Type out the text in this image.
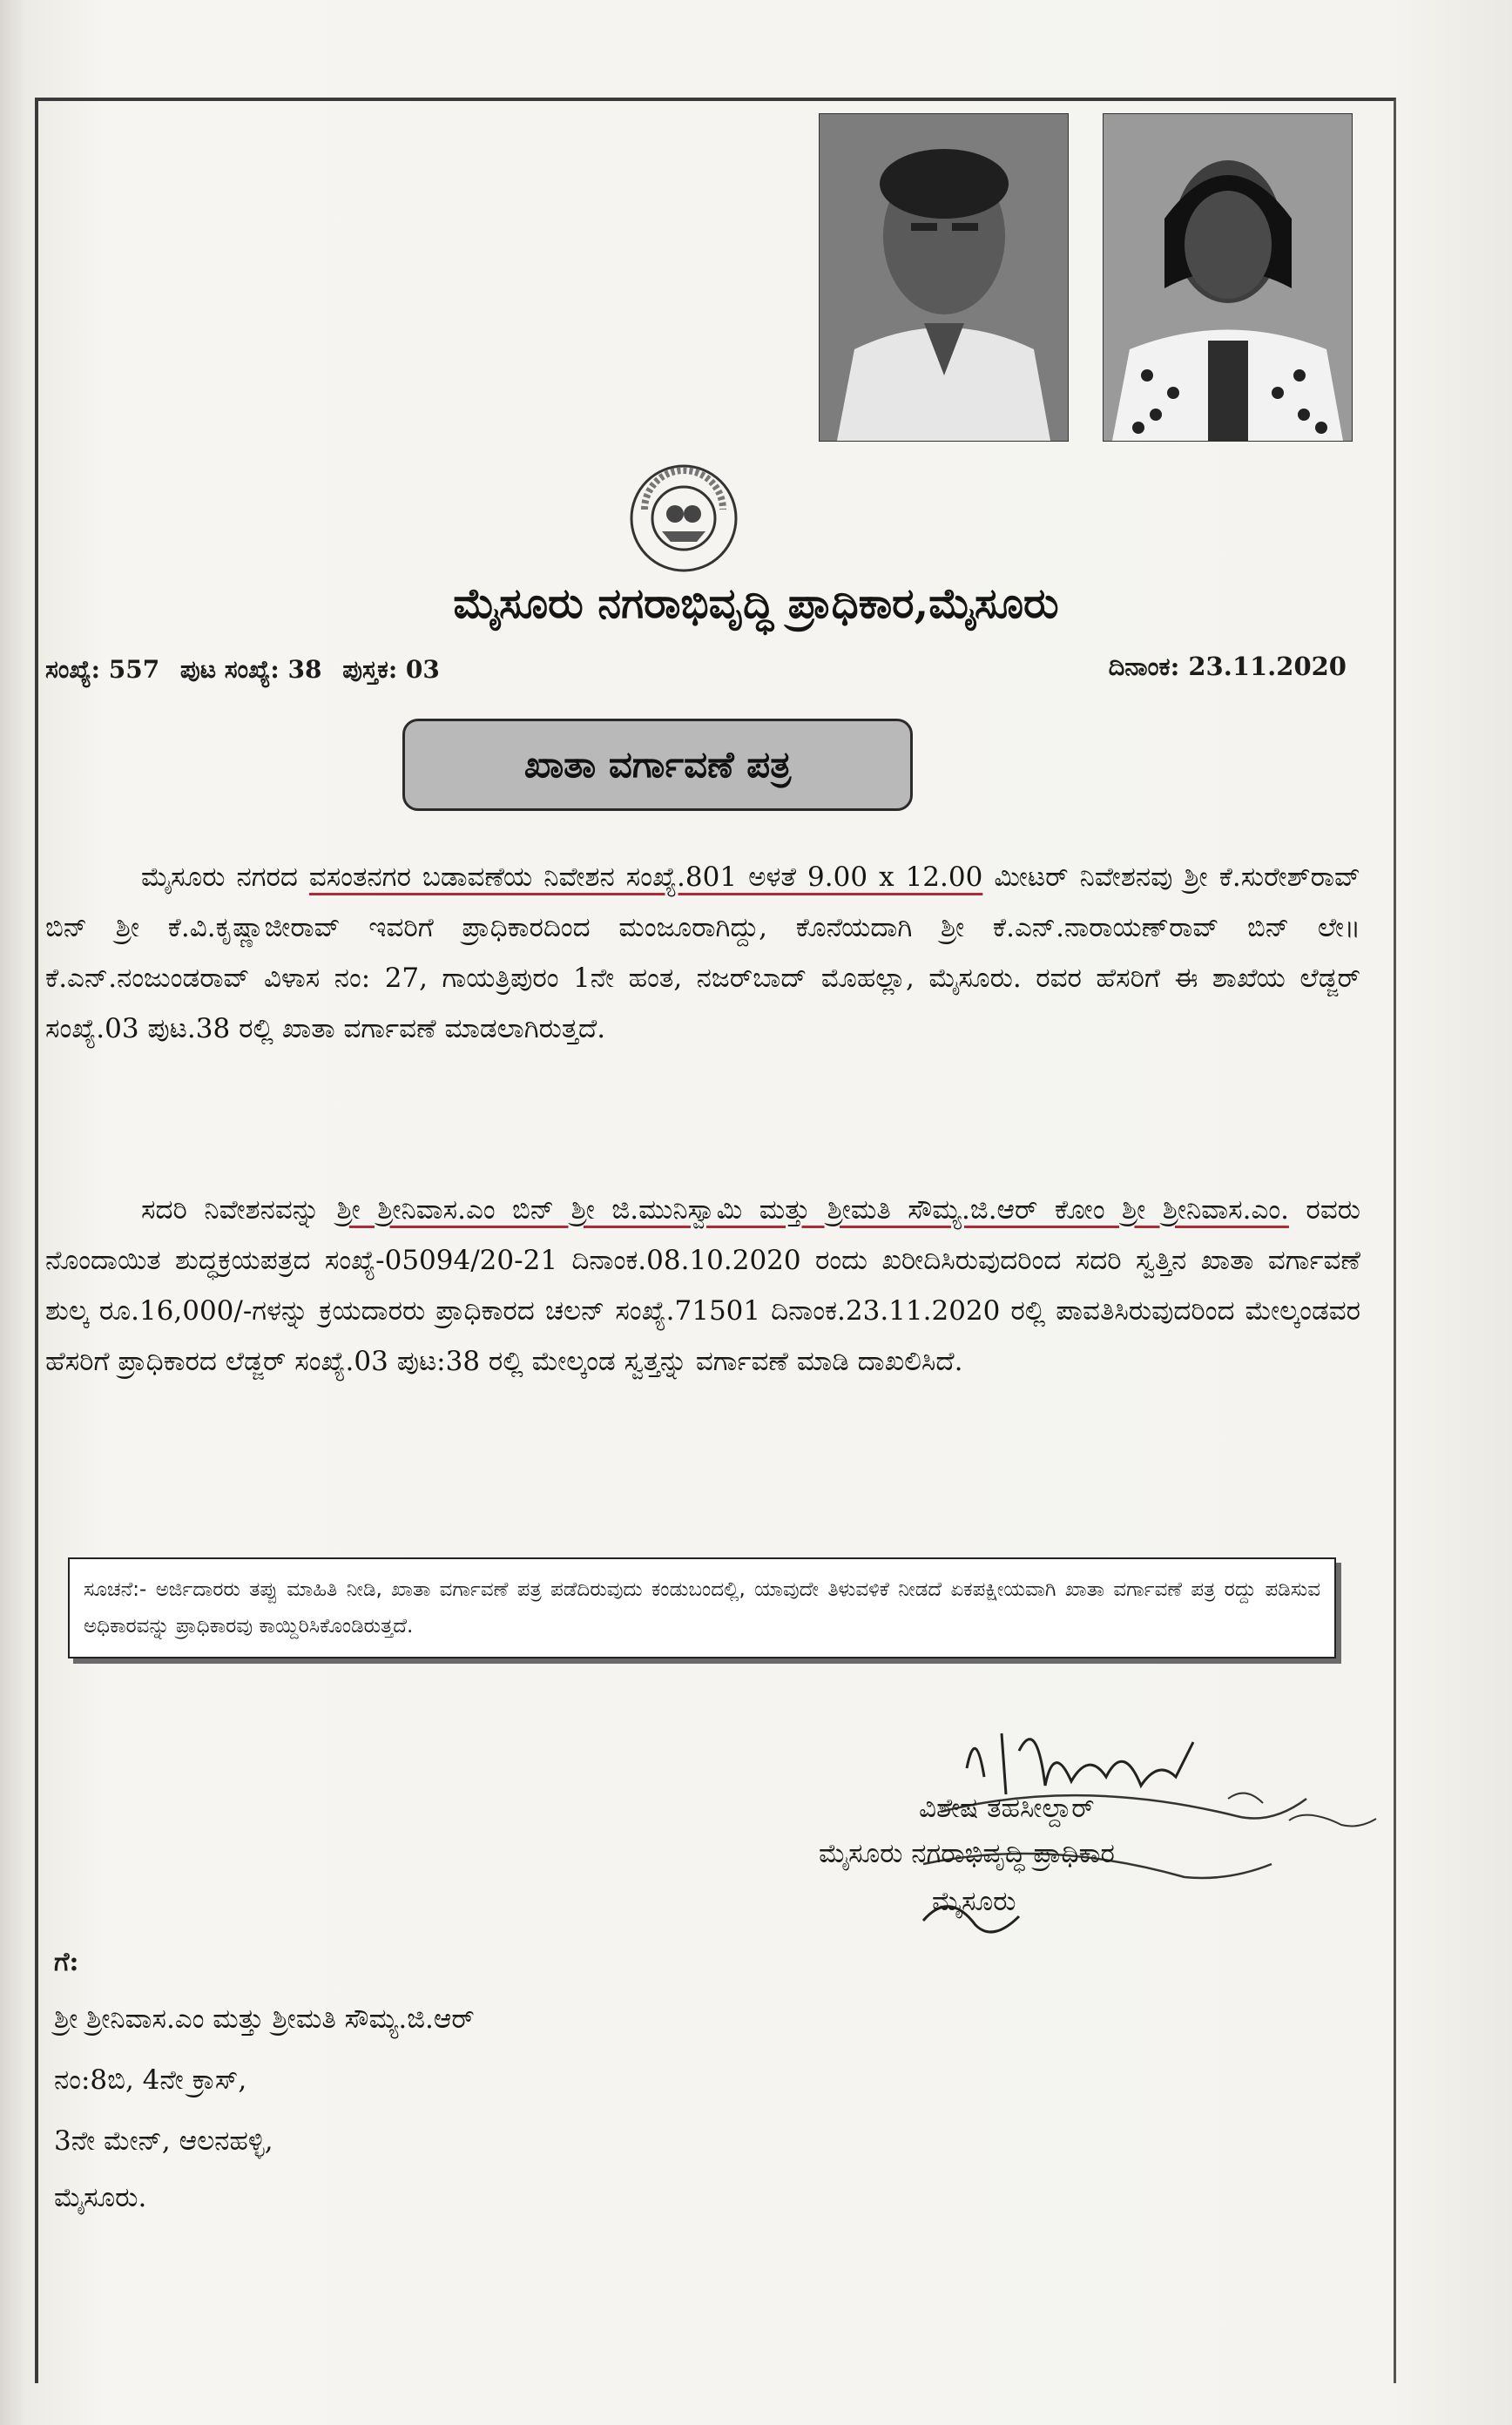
ಮೈಸೂರು ನಗರಾಭಿವೃದ್ಧಿ ಪ್ರಾಧಿಕಾರ,ಮೈಸೂರು
ಸಂಖ್ಯೆ: 557 ಪುಟ ಸಂಖ್ಯೆ: 38 ಪುಸ್ತಕ: 03	ದಿನಾಂಕ: 23.11.2020
ಖಾತಾ ವರ್ಗಾವಣೆ ಪತ್ರ
ಮೈಸೂರು ನಗರದ ವಸಂತನಗರ ಬಡಾವಣೆಯ ನಿವೇಶನ ಸಂಖ್ಯೆ.801 ಅಳತೆ 9.00 x 12.00 ಮೀಟರ್ ನಿವೇಶನವು ಶ್ರೀ ಕೆ.ಸುರೇಶ್‌ರಾವ್ ಬಿನ್ ಶ್ರೀ ಕೆ.ವಿ.ಕೃಷ್ಣಾಜೀರಾವ್ ಇವರಿಗೆ ಪ್ರಾಧಿಕಾರದಿಂದ ಮಂಜೂರಾಗಿದ್ದು, ಕೊನೆಯದಾಗಿ ಶ್ರೀ ಕೆ.ಎನ್.ನಾರಾಯಣ್‌ರಾವ್ ಬಿನ್ ಲೇ॥ ಕೆ.ಎನ್.ನಂಜುಂಡರಾವ್ ವಿಳಾಸ ನಂ: 27, ಗಾಯತ್ರಿಪುರಂ 1ನೇ ಹಂತ, ನಜರ್‌ಬಾದ್ ಮೊಹಲ್ಲಾ, ಮೈಸೂರು. ರವರ ಹೆಸರಿಗೆ ಈ ಶಾಖೆಯ ಲೆಡ್ಜರ್ ಸಂಖ್ಯೆ.03 ಪುಟ.38 ರಲ್ಲಿ ಖಾತಾ ವರ್ಗಾವಣೆ ಮಾಡಲಾಗಿರುತ್ತದೆ.
ಸದರಿ ನಿವೇಶನವನ್ನು ಶ್ರೀ ಶ್ರೀನಿವಾಸ.ಎಂ ಬಿನ್ ಶ್ರೀ ಜಿ.ಮುನಿಸ್ವಾಮಿ ಮತ್ತು ಶ್ರೀಮತಿ ಸೌಮ್ಯ.ಜಿ.ಆರ್ ಕೋಂ ಶ್ರೀ ಶ್ರೀನಿವಾಸ.ಎಂ. ರವರು ನೊಂದಾಯಿತ ಶುದ್ಧಕ್ರಯಪತ್ರದ ಸಂಖ್ಯೆ-05094/20-21 ದಿನಾಂಕ.08.10.2020 ರಂದು ಖರೀದಿಸಿರುವುದರಿಂದ ಸದರಿ ಸ್ವತ್ತಿನ ಖಾತಾ ವರ್ಗಾವಣೆ ಶುಲ್ಕ ರೂ.16,000/-ಗಳನ್ನು ಕ್ರಯದಾರರು ಪ್ರಾಧಿಕಾರದ ಚಲನ್ ಸಂಖ್ಯೆ.71501 ದಿನಾಂಕ.23.11.2020 ರಲ್ಲಿ ಪಾವತಿಸಿರುವುದರಿಂದ ಮೇಲ್ಕಂಡವರ ಹೆಸರಿಗೆ ಪ್ರಾಧಿಕಾರದ ಲೆಡ್ಜರ್ ಸಂಖ್ಯೆ.03 ಪುಟ:38 ರಲ್ಲಿ ಮೇಲ್ಕಂಡ ಸ್ವತ್ತನ್ನು ವರ್ಗಾವಣೆ ಮಾಡಿ ದಾಖಲಿಸಿದೆ.
ಸೂಚನೆ:- ಅರ್ಜಿದಾರರು ತಪ್ಪು ಮಾಹಿತಿ ನೀಡಿ, ಖಾತಾ ವರ್ಗಾವಣೆ ಪತ್ರ ಪಡೆದಿರುವುದು ಕಂಡುಬಂದಲ್ಲಿ, ಯಾವುದೇ ತಿಳುವಳಿಕೆ ನೀಡದೆ ಏಕಪಕ್ಷೀಯವಾಗಿ ಖಾತಾ ವರ್ಗಾವಣೆ ಪತ್ರ ರದ್ದು ಪಡಿಸುವ ಅಧಿಕಾರವನ್ನು ಪ್ರಾಧಿಕಾರವು ಕಾಯ್ದಿರಿಸಿಕೊಂಡಿರುತ್ತದೆ.
ವಿಶೇಷ ತಹಸೀಲ್ದಾರ್
ಮೈಸೂರು ನಗರಾಭಿವೃದ್ಧಿ ಪ್ರಾಧಿಕಾರ
ಮೈಸೂರು
ಗೆ:
ಶ್ರೀ ಶ್ರೀನಿವಾಸ.ಎಂ ಮತ್ತು ಶ್ರೀಮತಿ ಸೌಮ್ಯ.ಜಿ.ಆರ್
ನಂ:8ಬಿ, 4ನೇ ಕ್ರಾಸ್,
3ನೇ ಮೇನ್, ಆಲನಹಳ್ಳಿ,
ಮೈಸೂರು.
